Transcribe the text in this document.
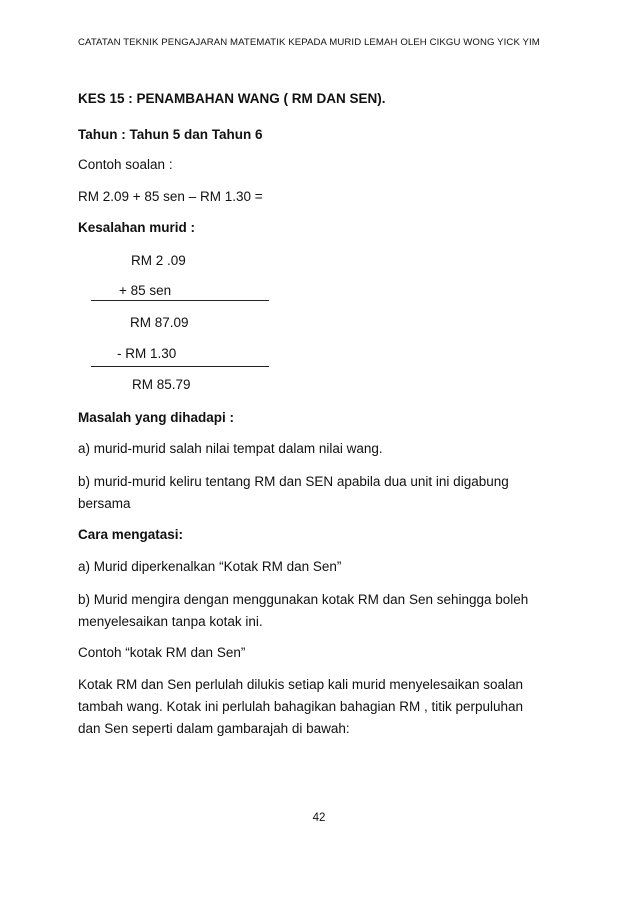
CATATAN TEKNIK PENGAJARAN MATEMATIK KEPADA MURID LEMAH OLEH CIKGU WONG YICK YIM
KES 15 : PENAMBAHAN WANG ( RM DAN SEN).
Tahun : Tahun 5 dan Tahun 6
Contoh soalan :
RM 2.09 + 85 sen – RM 1.30 =
Kesalahan murid :
RM 2 .09
+ 85 sen
RM 87.09
- RM 1.30
RM 85.79
Masalah yang dihadapi :
a) murid-murid salah nilai tempat dalam nilai wang.
b) murid-murid keliru tentang RM dan SEN apabila dua unit ini digabung
bersama
Cara mengatasi:
a) Murid diperkenalkan “Kotak RM dan Sen”
b) Murid mengira dengan menggunakan kotak RM dan Sen sehingga boleh
menyelesaikan tanpa kotak ini.
Contoh “kotak RM dan Sen”
Kotak RM dan Sen perlulah dilukis setiap kali murid menyelesaikan soalan
tambah wang. Kotak ini perlulah bahagikan bahagian RM , titik perpuluhan
dan Sen seperti dalam gambarajah di bawah:
42
